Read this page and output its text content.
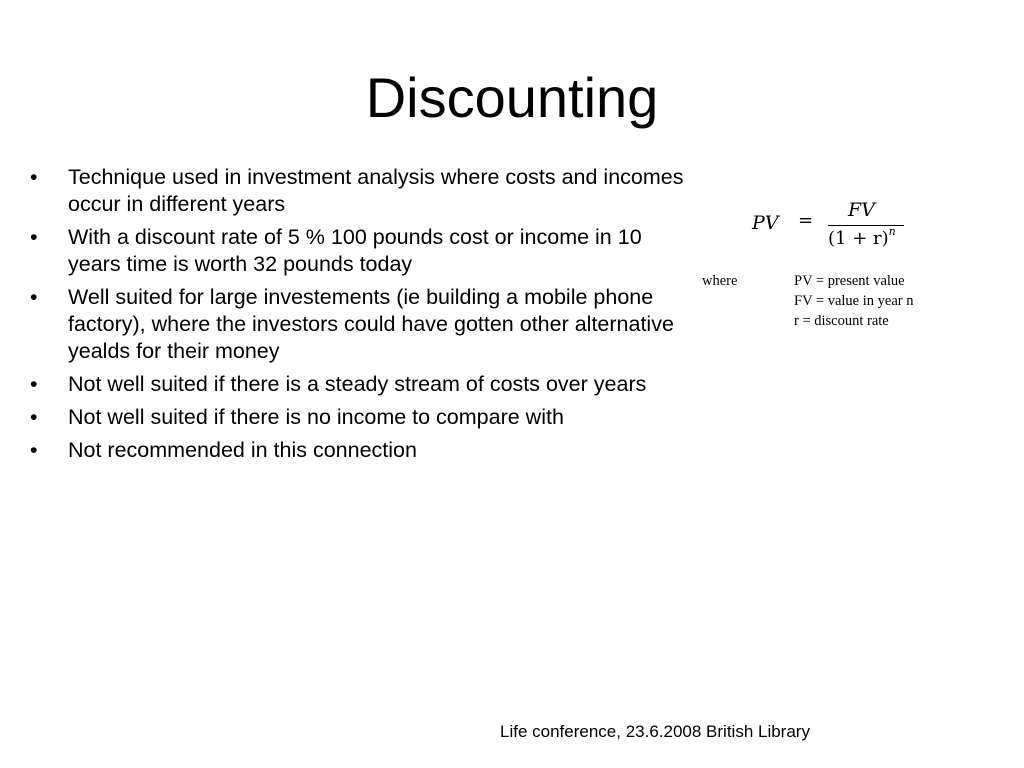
Discounting
• Technique used in investment analysis where costs and incomes occur in different years
• With a discount rate of 5 % 100 pounds cost or income in 10 years time is worth 32 pounds today
• Well suited for large investements (ie building a mobile phone factory), where the investors could have gotten other alternative yealds for their money
• Not well suited if there is a steady stream of costs over years
• Not well suited if there is no income to compare with
• Not recommended in this connection
PV = FV
$(1 + r)^n$
where	PV = present value
FV = value in year n
r = discount rate
Life conference, 23.6.2008 British Library
